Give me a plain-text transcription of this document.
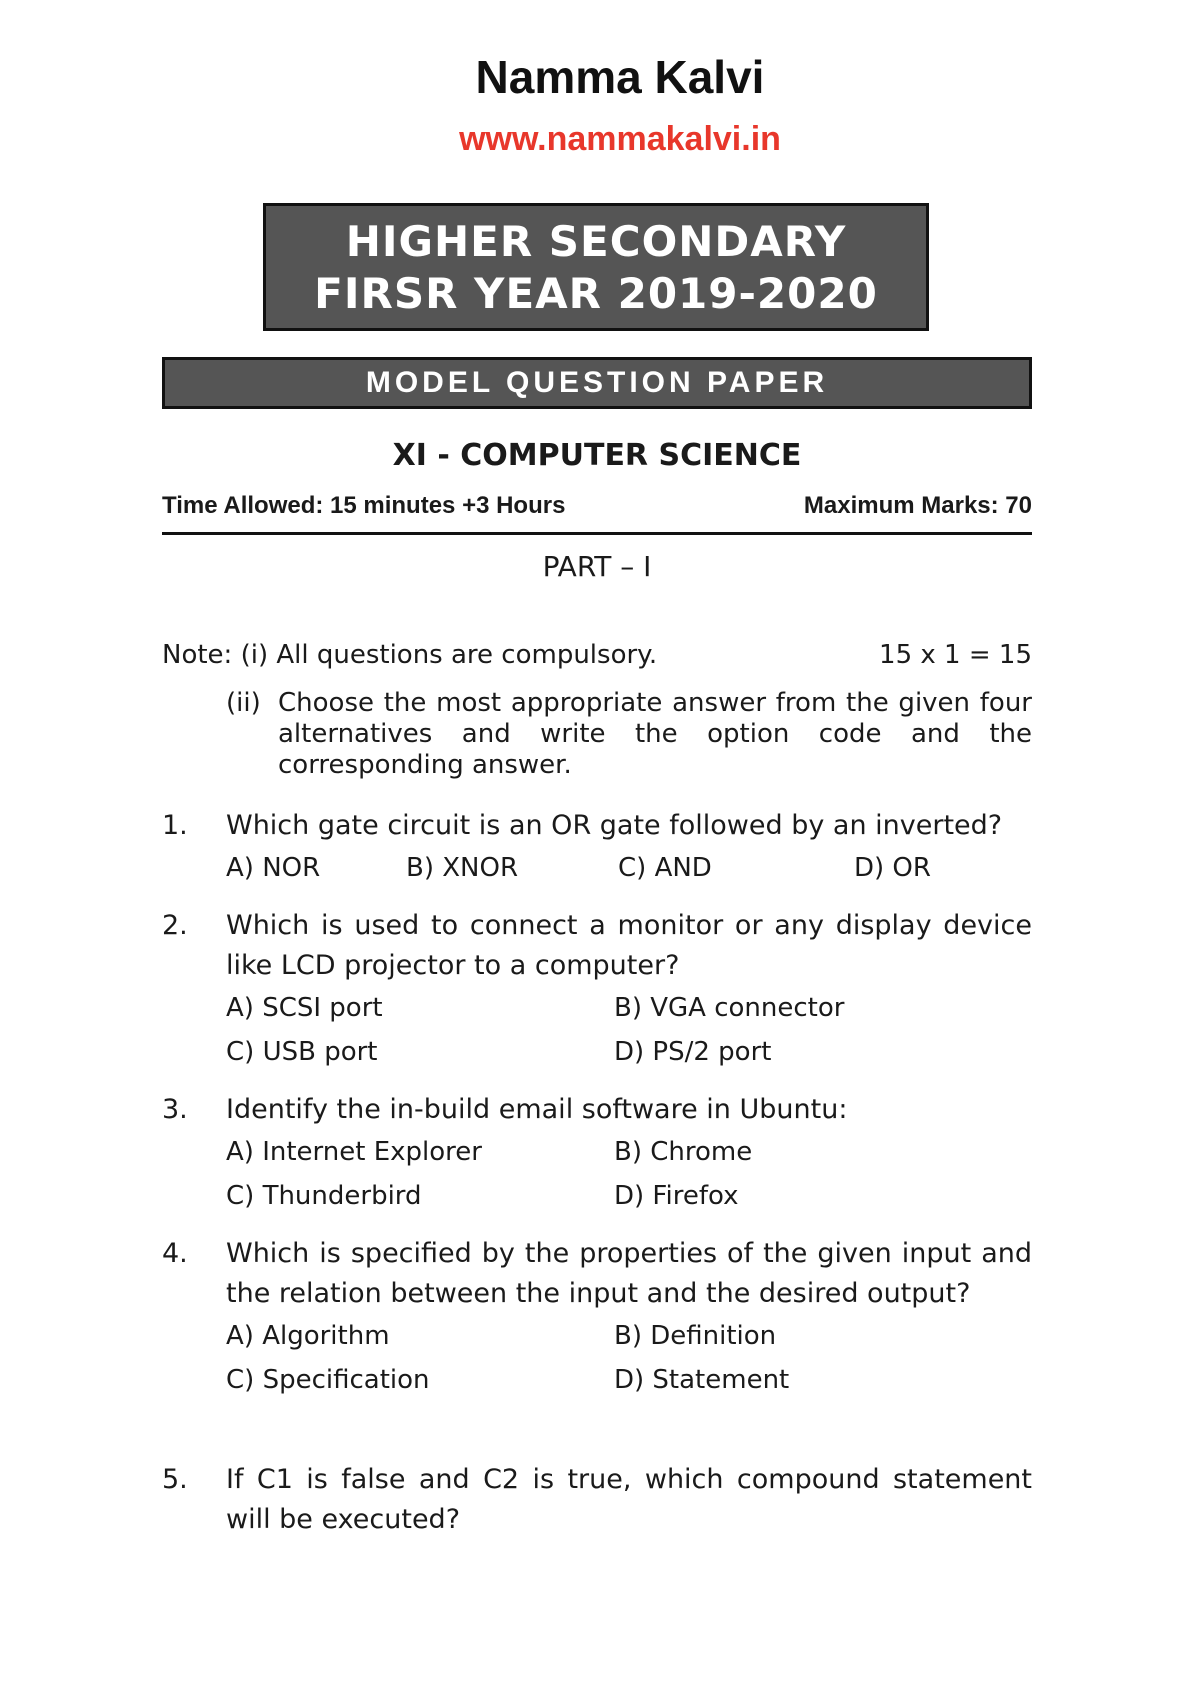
Namma Kalvi
www.nammakalvi.in
HIGHER SECONDARY
FIRSR YEAR 2019-2020
MODEL QUESTION PAPER
XI - COMPUTER SCIENCE
Time Allowed: 15 minutes +3 Hours	Maximum Marks: 70
PART – I
Note: (i) All questions are compulsory.	15 x 1 = 15
(ii) Choose the most appropriate answer from the given four alternatives and write the option code and the corresponding answer.
1. Which gate circuit is an OR gate followed by an inverted?
A) NOR	B) XNOR	C) AND	D) OR
2. Which is used to connect a monitor or any display device like LCD projector to a computer?
A) SCSI port	B) VGA connector
C) USB port	D) PS/2 port
3. Identify the in-build email software in Ubuntu:
A) Internet Explorer	B) Chrome
C) Thunderbird	D) Firefox
4. Which is specified by the properties of the given input and the relation between the input and the desired output?
A) Algorithm	B) Definition
C) Specification	D) Statement
5. If C1 is false and C2 is true, which compound statement will be executed?
